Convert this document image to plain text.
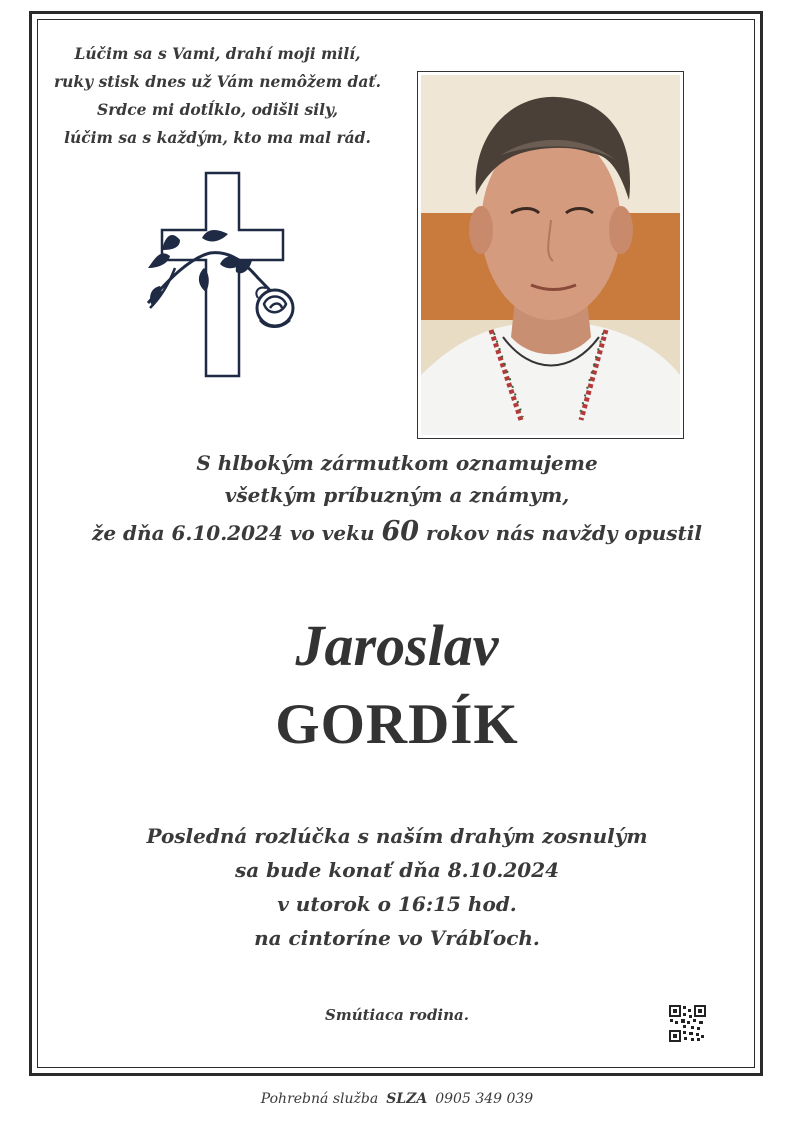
Lúčim sa s Vami, drahí moji milí,
ruky stisk dnes už Vám nemôžem dať.
Srdce mi dotĺklo, odišli sily,
lúčim sa s každým, kto ma mal rád.
S hlbokým zármutkom oznamujeme
všetkým príbuzným a známym,
že dňa 6.10.2024 vo veku 60 rokov nás navždy opustil
Jaroslav
GORDÍK
Posledná rozlúčka s naším drahým zosnulým
sa bude konať dňa 8.10.2024
v utorok o 16:15 hod.
na cintoríne vo Vrábľoch.
Smútiaca rodina.
Pohrebná služba SLZA 0905 349 039
